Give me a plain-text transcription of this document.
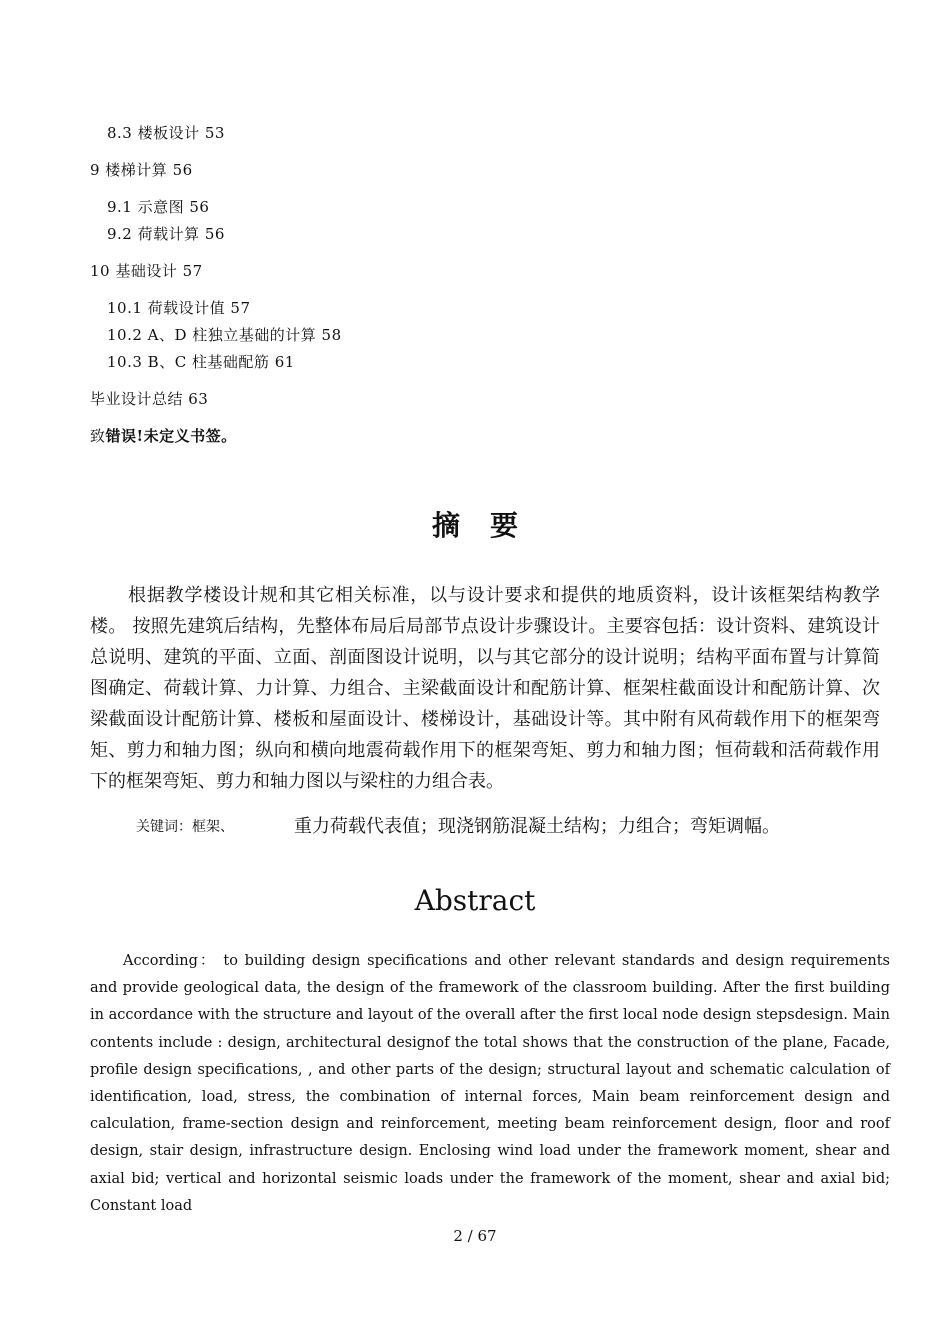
8.3 楼板设计 53
9 楼梯计算 56
9.1 示意图 56
9.2 荷载计算 56
10 基础设计 57
10.1 荷载设计值 57
10.2 A、D 柱独立基础的计算 58
10.3 B、C 柱基础配筋 61
毕业设计总结 63
致错误!未定义书签。
摘要

根据教学楼设计规和其它相关标准，以与设计要求和提供的地质资料，设计该框架结构教学楼。 按照先建筑后结构，先整体布局后局部节点设计步骤设计。主要容包括：设计资料、建筑设计总说明、建筑的平面、立面、剖面图设计说明，以与其它部分的设计说明；结构平面布置与计算简图确定、荷载计算、力计算、力组合、主梁截面设计和配筋计算、框架柱截面设计和配筋计算、次梁截面设计配筋计算、楼板和屋面设计、楼梯设计，基础设计等。其中附有风荷载作用下的框架弯矩、剪力和轴力图；纵向和横向地震荷载作用下的框架弯矩、剪力和轴力图；恒荷载和活荷载作用下的框架弯矩、剪力和轴力图以与梁柱的力组合表。

关键词：框架、	重力荷载代表值；现浇钢筋混凝土结构；力组合；弯矩调幅。
Abstract

According： to building design specifications and other relevant standards and design requirements and provide geological data, the design of the framework of the classroom building. After the first building in accordance with the structure and layout of the overall after the first local node design stepsdesign. Main contents include : design, architectural designof the total shows that the construction of the plane, Facade, profile design specifications, , and other parts of the design; structural layout and schematic calculation of identification, load, stress, the combination of internal forces, Main beam reinforcement design and calculation, frame-section design and reinforcement, meeting beam reinforcement design, floor and roof design, stair design, infrastructure design. Enclosing wind load under the framework moment, shear and axial bid; vertical and horizontal seismic loads under the framework of the moment, shear and axial bid; Constant load

2 / 67
